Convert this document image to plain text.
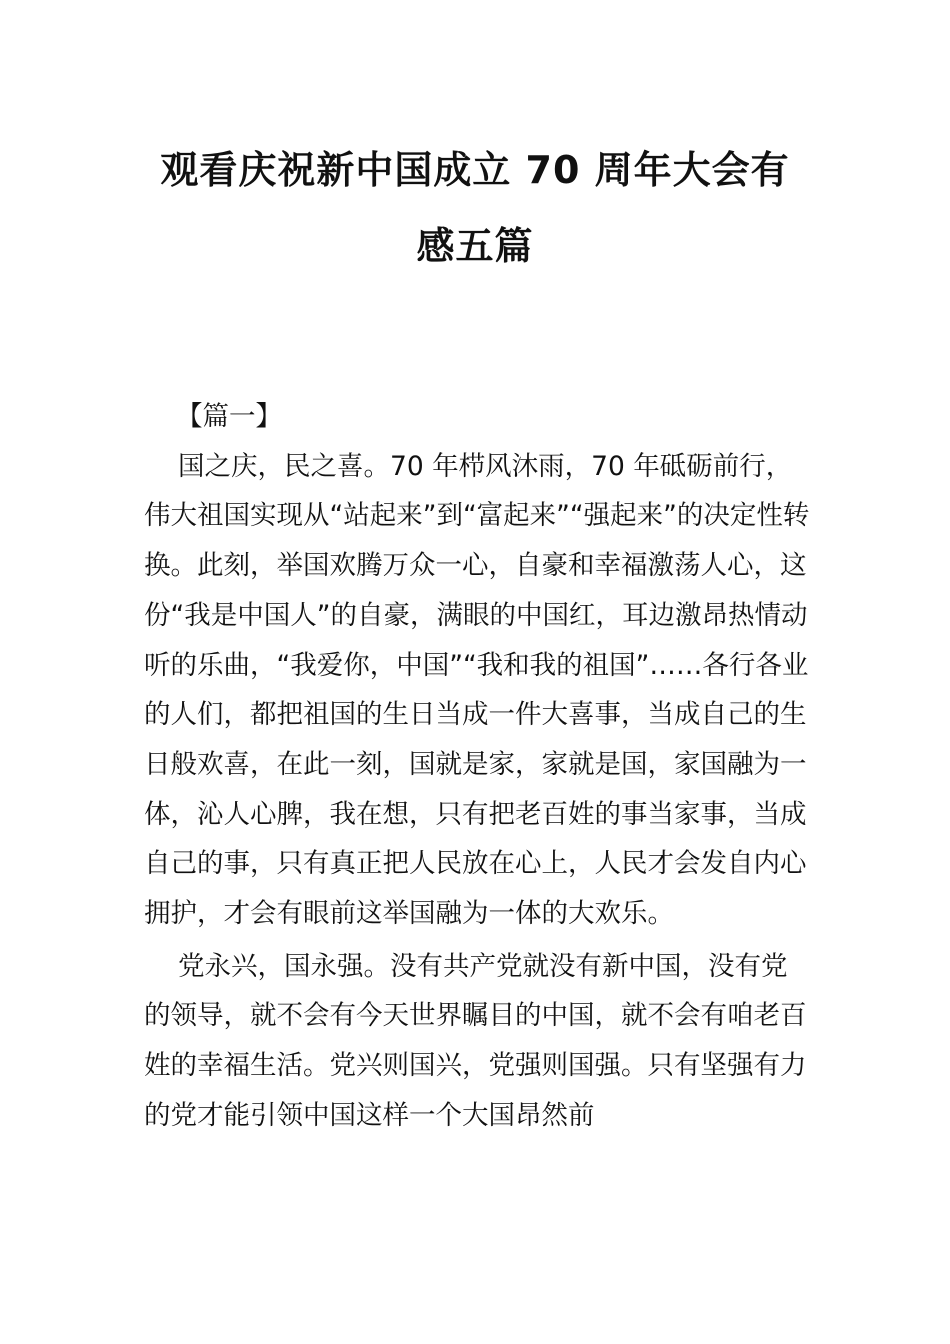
观看庆祝新中国成立 70 周年大会有
感五篇

【篇一】

国之庆，民之喜。70 年栉风沐雨，70 年砥砺前行，伟大祖国实现从“站起来”到“富起来”“强起来”的决定性转换。此刻，举国欢腾万众一心，自豪和幸福激荡人心，这份“我是中国人”的自豪，满眼的中国红，耳边激昂热情动听的乐曲，“我爱你，中国”“我和我的祖国”……各行各业的人们，都把祖国的生日当成一件大喜事，当成自己的生日般欢喜，在此一刻，国就是家，家就是国，家国融为一体，沁人心脾，我在想，只有把老百姓的事当家事，当成自己的事，只有真正把人民放在心上，人民才会发自内心拥护，才会有眼前这举国融为一体的大欢乐。

党永兴，国永强。没有共产党就没有新中国，没有党的领导，就不会有今天世界瞩目的中国，就不会有咱老百姓的幸福生活。党兴则国兴，党强则国强。只有坚强有力的党才能引领中国这样一个大国昂然前
